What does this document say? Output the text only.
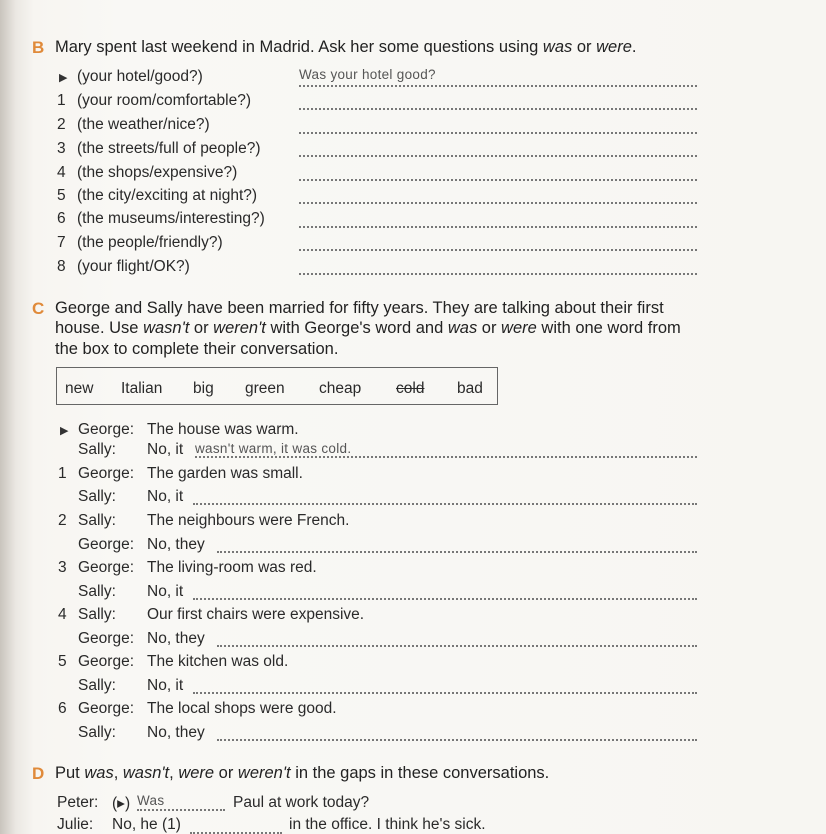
B Mary spent last weekend in Madrid. Ask her some questions using was or were.
▶ (your hotel/good?)	Was your hotel good?
1 (your room/comfortable?)
2 (the weather/nice?)
3 (the streets/full of people?)
4 (the shops/expensive?)
5 (the city/exciting at night?)
6 (the museums/interesting?)
7 (the people/friendly?)
8 (your flight/OK?)
C George and Sally have been married for fifty years. They are talking about their first
house. Use wasn't or weren't with George's word and was or were with one word from
the box to complete their conversation.
new Italian big green cheap cold bad
▶ George: The house was warm.
Sally: No, it wasn't warm, it was cold.
1 George: The garden was small.
Sally: No, it
2 Sally: The neighbours were French.
George: No, they
3 George: The living-room was red.
Sally: No, it
4 Sally: Our first chairs were expensive.
George: No, they
5 George: The kitchen was old.
Sally: No, it
6 George: The local shops were good.
Sally: No, they
D Put was, wasn't, were or weren't in the gaps in these conversations.
Peter: (▸) Was	Paul at work today?
Julie: No, he (1)	in the office. I think he's sick.
